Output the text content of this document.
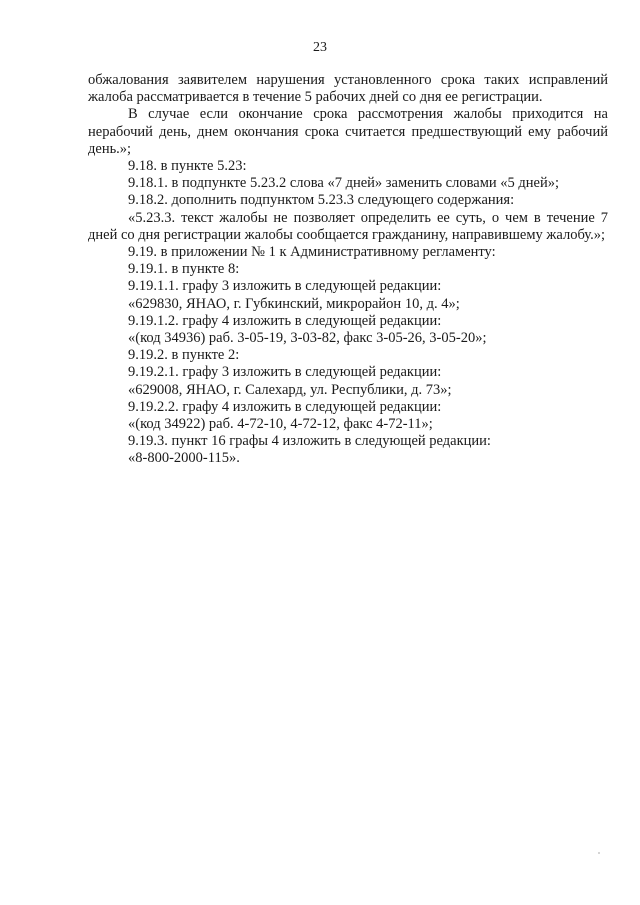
23

обжалования заявителем нарушения установленного срока таких исправлений жалоба рассматривается в течение 5 рабочих дней со дня ее регистрации.

В случае если окончание срока рассмотрения жалобы приходится на нерабочий день, днем окончания срока считается предшествующий ему рабочий день.»;

9.18. в пункте 5.23:

9.18.1. в подпункте 5.23.2 слова «7 дней» заменить словами «5 дней»;

9.18.2. дополнить подпунктом 5.23.3 следующего содержания:

«5.23.3. текст жалобы не позволяет определить ее суть, о чем в течение 7 дней со дня регистрации жалобы сообщается гражданину, направившему жалобу.»;

9.19. в приложении № 1 к Административному регламенту:

9.19.1. в пункте 8:

9.19.1.1. графу 3 изложить в следующей редакции:

«629830, ЯНАО, г. Губкинский, микрорайон 10, д. 4»;

9.19.1.2. графу 4 изложить в следующей редакции:

«(код 34936) раб. 3-05-19, 3-03-82, факс 3-05-26, 3-05-20»;

9.19.2. в пункте 2:

9.19.2.1. графу 3 изложить в следующей редакции:

«629008, ЯНАО, г. Салехард, ул. Республики, д. 73»;

9.19.2.2. графу 4 изложить в следующей редакции:

«(код 34922) раб. 4-72-10, 4-72-12, факс 4-72-11»;

9.19.3. пункт 16 графы 4 изложить в следующей редакции:

«8-800-2000-115».
